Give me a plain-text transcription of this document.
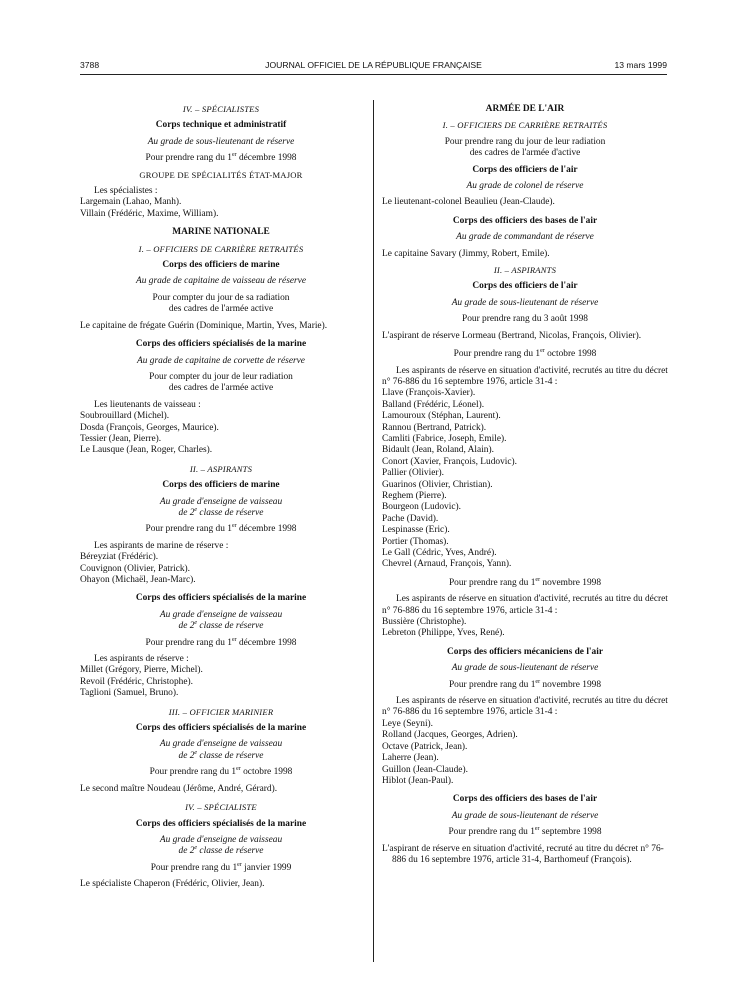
3788	JOURNAL OFFICIEL DE LA RÉPUBLIQUE FRANÇAISE	13 mars 1999
IV. – SPÉCIALISTES
Corps technique et administratif
Au grade de sous-lieutenant de réserve
Pour prendre rang du 1er décembre 1998
GROUPE DE SPÉCIALITÉS ÉTAT-MAJOR
Les spécialistes :
Largemain (Lahao, Manh).
Villain (Frédéric, Maxime, William).
MARINE NATIONALE
I. – OFFICIERS DE CARRIÈRE RETRAITÉS
Corps des officiers de marine
Au grade de capitaine de vaisseau de réserve
Pour compter du jour de sa radiation
des cadres de l'armée active
Le capitaine de frégate Guérin (Dominique, Martin, Yves, Marie).
Corps des officiers spécialisés de la marine
Au grade de capitaine de corvette de réserve
Pour compter du jour de leur radiation
des cadres de l'armée active
Les lieutenants de vaisseau :
Soubrouillard (Michel).
Dosda (François, Georges, Maurice).
Tessier (Jean, Pierre).
Le Lausque (Jean, Roger, Charles).
II. – ASPIRANTS
Corps des officiers de marine
Au grade d'enseigne de vaisseau
de 2e classe de réserve
Pour prendre rang du 1er décembre 1998
Les aspirants de marine de réserve :
Béreyziat (Frédéric).
Couvignon (Olivier, Patrick).
Ohayon (Michaël, Jean-Marc).
Corps des officiers spécialisés de la marine
Au grade d'enseigne de vaisseau
de 2e classe de réserve
Pour prendre rang du 1er décembre 1998
Les aspirants de réserve :
Millet (Grégory, Pierre, Michel).
Revoil (Frédéric, Christophe).
Taglioni (Samuel, Bruno).
III. – OFFICIER MARINIER
Corps des officiers spécialisés de la marine
Au grade d'enseigne de vaisseau
de 2e classe de réserve
Pour prendre rang du 1er octobre 1998
Le second maître Noudeau (Jérôme, André, Gérard).
IV. – SPÉCIALISTE
Corps des officiers spécialisés de la marine
Au grade d'enseigne de vaisseau
de 2e classe de réserve
Pour prendre rang du 1er janvier 1999
Le spécialiste Chaperon (Frédéric, Olivier, Jean).
ARMÉE DE L'AIR
I. – OFFICIERS DE CARRIÈRE RETRAITÉS
Pour prendre rang du jour de leur radiation
des cadres de l'armée d'active
Corps des officiers de l'air
Au grade de colonel de réserve
Le lieutenant-colonel Beaulieu (Jean-Claude).
Corps des officiers des bases de l'air
Au grade de commandant de réserve
Le capitaine Savary (Jimmy, Robert, Emile).
II. – ASPIRANTS
Corps des officiers de l'air
Au grade de sous-lieutenant de réserve
Pour prendre rang du 3 août 1998
L'aspirant de réserve Lormeau (Bertrand, Nicolas, François, Olivier).
Pour prendre rang du 1er octobre 1998
Les aspirants de réserve en situation d'activité, recrutés au titre du décret n° 76-886 du 16 septembre 1976, article 31-4 :
Llave (François-Xavier).
Balland (Frédéric, Léonel).
Lamouroux (Stéphan, Laurent).
Rannou (Bertrand, Patrick).
Camliti (Fabrice, Joseph, Emile).
Bidault (Jean, Roland, Alain).
Conort (Xavier, François, Ludovic).
Pallier (Olivier).
Guarinos (Olivier, Christian).
Reghem (Pierre).
Bourgeon (Ludovic).
Pache (David).
Lespinasse (Eric).
Portier (Thomas).
Le Gall (Cédric, Yves, André).
Chevrel (Arnaud, François, Yann).
Pour prendre rang du 1er novembre 1998
Les aspirants de réserve en situation d'activité, recrutés au titre du décret n° 76-886 du 16 septembre 1976, article 31-4 :
Bussière (Christophe).
Lebreton (Philippe, Yves, René).
Corps des officiers mécaniciens de l'air
Au grade de sous-lieutenant de réserve
Pour prendre rang du 1er novembre 1998
Les aspirants de réserve en situation d'activité, recrutés au titre du décret n° 76-886 du 16 septembre 1976, article 31-4 :
Leye (Seyni).
Rolland (Jacques, Georges, Adrien).
Octave (Patrick, Jean).
Laherre (Jean).
Guillon (Jean-Claude).
Hiblot (Jean-Paul).
Corps des officiers des bases de l'air
Au grade de sous-lieutenant de réserve
Pour prendre rang du 1er septembre 1998
L'aspirant de réserve en situation d'activité, recruté au titre du décret n° 76-886 du 16 septembre 1976, article 31-4, Barthomeuf (François).
